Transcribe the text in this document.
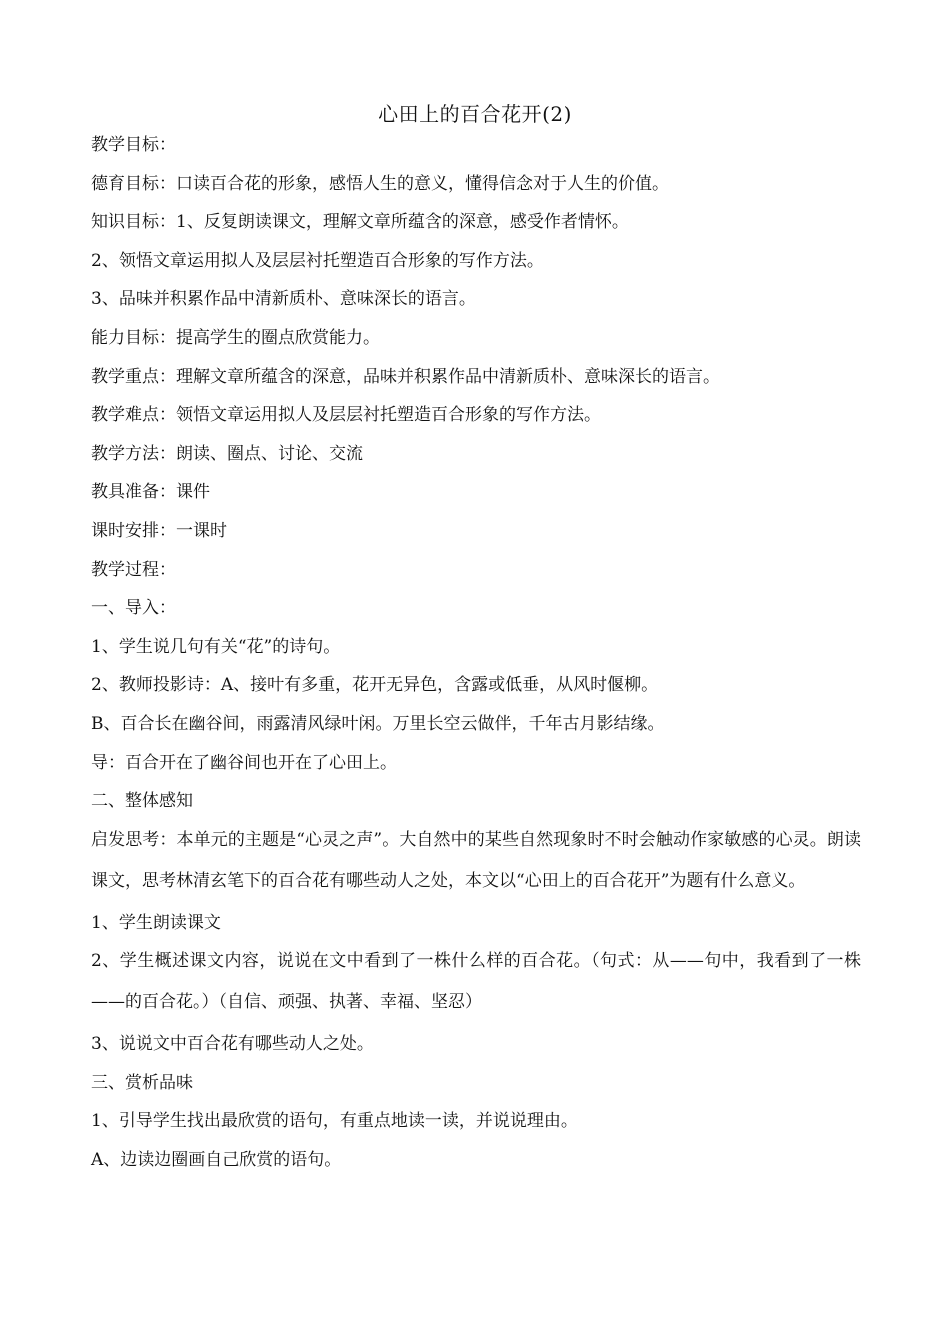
心田上的百合花开(2)
教学目标：
德育目标：口读百合花的形象，感悟人生的意义，懂得信念对于人生的价值。
知识目标：1、反复朗读课文，理解文章所蕴含的深意，感受作者情怀。
2、领悟文章运用拟人及层层衬托塑造百合形象的写作方法。
3、品味并积累作品中清新质朴、意味深长的语言。
能力目标：提高学生的圈点欣赏能力。
教学重点：理解文章所蕴含的深意，品味并积累作品中清新质朴、意味深长的语言。
教学难点：领悟文章运用拟人及层层衬托塑造百合形象的写作方法。
教学方法：朗读、圈点、讨论、交流
教具准备：课件
课时安排：一课时
教学过程：
一、导入：
1、学生说几句有关“花”的诗句。
2、教师投影诗：A、接叶有多重，花开无异色，含露或低垂，从风时偃柳。
B、百合长在幽谷间，雨露清风绿叶闲。万里长空云做伴，千年古月影结缘。
导：百合开在了幽谷间也开在了心田上。
二、整体感知
启发思考：本单元的主题是“心灵之声”。大自然中的某些自然现象时不时会触动作家敏感的心灵。朗读课文，思考林清玄笔下的百合花有哪些动人之处，本文以“心田上的百合花开”为题有什么意义。
1、学生朗读课文
2、学生概述课文内容，说说在文中看到了一株什么样的百合花。（句式：从——句中，我看到了一株——的百合花。）（自信、顽强、执著、幸福、坚忍）
3、说说文中百合花有哪些动人之处。
三、赏析品味
1、引导学生找出最欣赏的语句，有重点地读一读，并说说理由。
A、边读边圈画自己欣赏的语句。
